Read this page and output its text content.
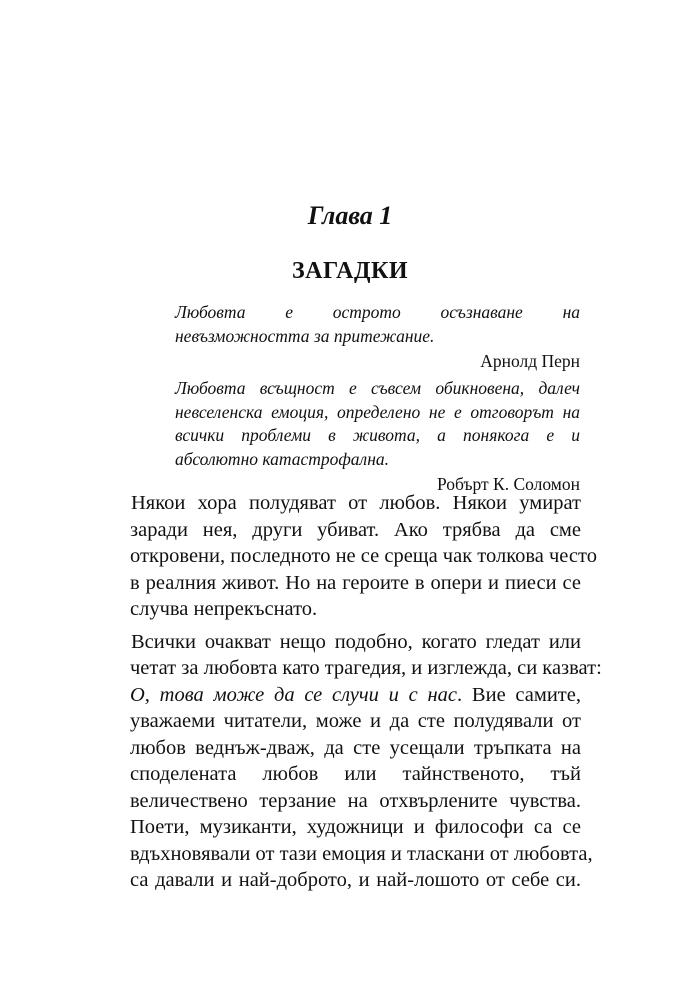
Глава 1
ЗАГАДКИ

Любовта е острото осъзнаване на
невъзможността за притежание.

Арнолд Перн

Любовта всъщност е съвсем обикновена, далеч
невселенска емоция, определено не е отговорът на
всички проблеми в живота, а понякога е и
абсолютно катастрофална.

Робърт К. Соломон

Някои хора полудяват от любов. Някои умират
заради нея, други убиват. Ако трябва да сме
откровени, последното не се среща чак толкова често
в реалния живот. Но на героите в опери и пиеси се
случва непрекъснато.

Всички очакват нещо подобно, когато гледат или
четат за любовта като трагедия, и изглежда, си казват:
О, това може да се случи и с нас. Вие самите,
уважаеми читатели, може и да сте полудявали от
любов веднъж-дваж, да сте усещали тръпката на
споделената любов или тайнственото, тъй
величествено терзание на отхвърлените чувства.
Поети, музиканти, художници и философи са се
вдъхновявали от тази емоция и тласкани от любовта,
са давали и най-доброто, и най-лошото от себе си.
